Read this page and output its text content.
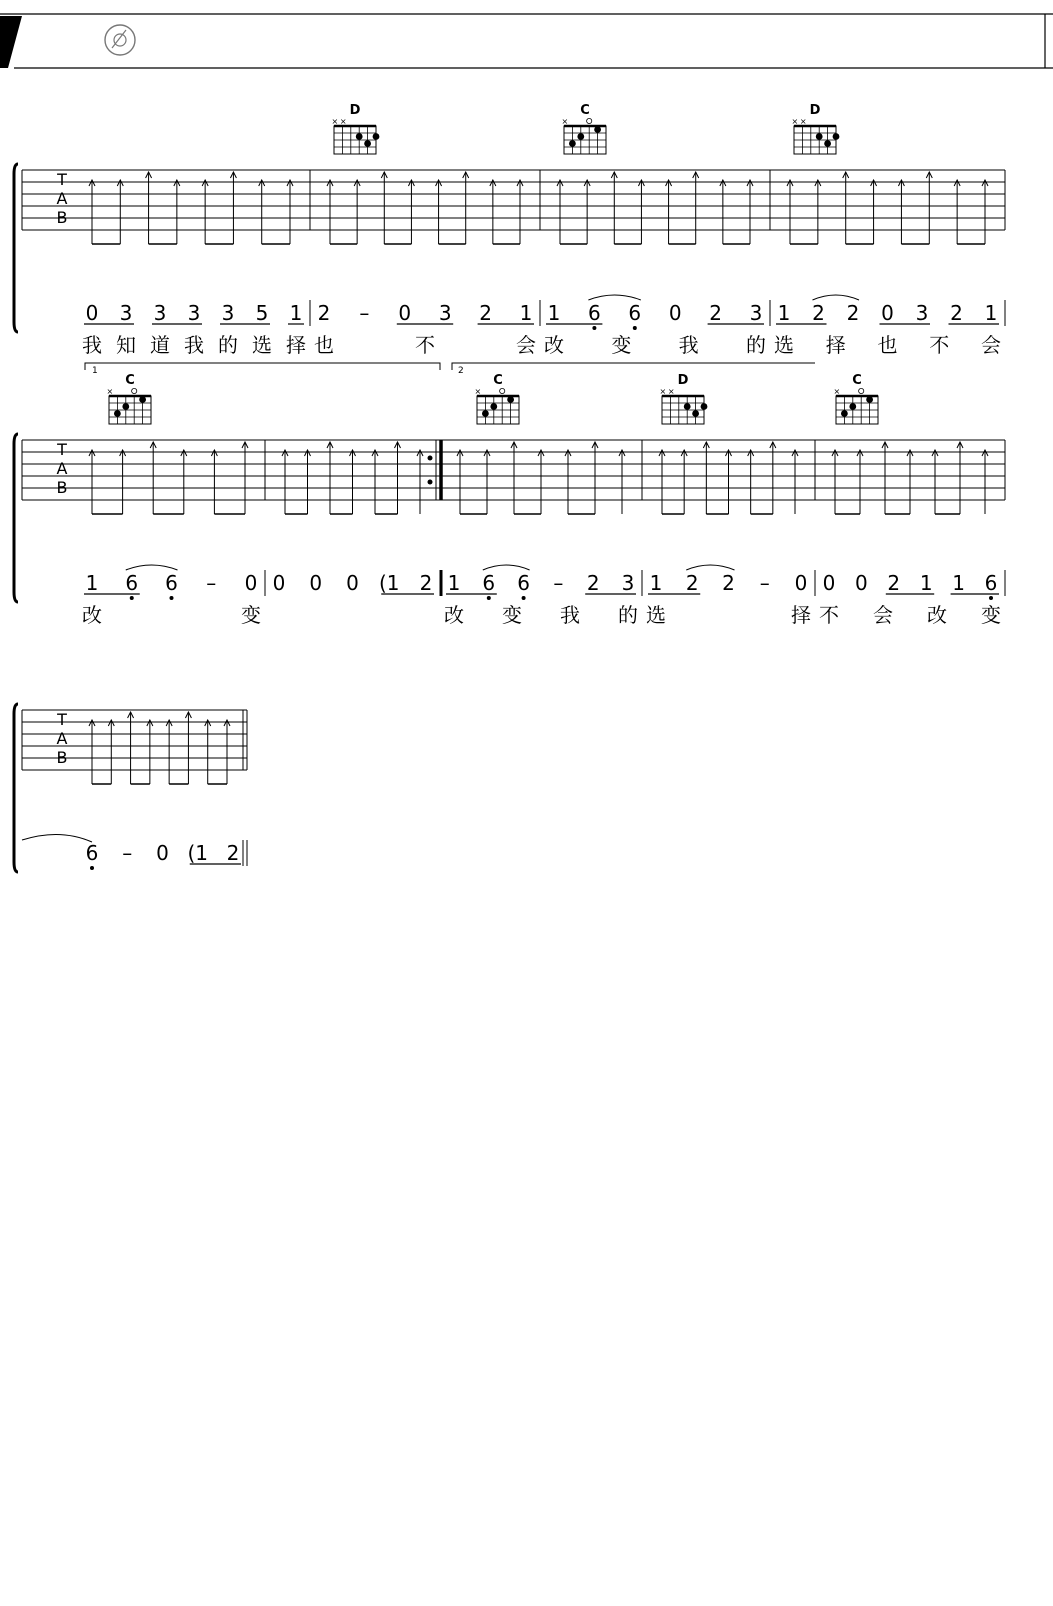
T
A
B
D
× ×
0 3 3 3 3 5 1
我 知 道 我 的 选 择
C
×
2 – 0 3 2 1
也	不	会
D
× ×
1 6 6 0 2 3
改 变 我 的
1 2 2 0 3 2 1
选 择 也 不 会
T
A
B
C
×
1 6 6 – 0
改	变
0 0 0 (1 2
C
×
1 6 6 – 2 3
改 变 我 的
D
× ×
1 2 2 – 0
选	择
C
×
0 0 2 1 1 6
不 会 改 变
T
A
B
6 – 0 (1 2
1	2
